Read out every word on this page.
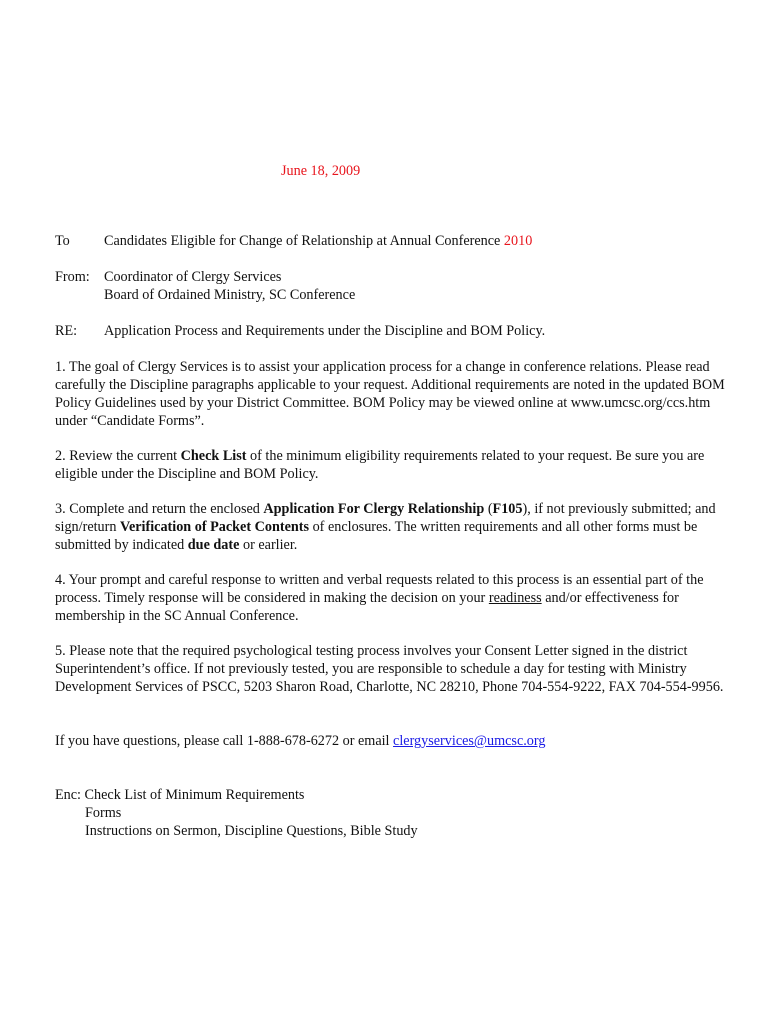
June 18, 2009
To Candidates Eligible for Change of Relationship at Annual Conference 2010
From: Coordinator of Clergy Services
Board of Ordained Ministry, SC Conference
RE: Application Process and Requirements under the Discipline and BOM Policy.

1. The goal of Clergy Services is to assist your application process for a change in conference relations. Please read carefully the Discipline paragraphs applicable to your request. Additional requirements are noted in the updated BOM Policy Guidelines used by your District Committee. BOM Policy may be viewed online at www.umcsc.org/ccs.htm under “Candidate Forms”.

2. Review the current Check List of the minimum eligibility requirements related to your request. Be sure you are eligible under the Discipline and BOM Policy.

3. Complete and return the enclosed Application For Clergy Relationship (F105), if not previously submitted; and sign/return Verification of Packet Contents of enclosures. The written requirements and all other forms must be submitted by indicated due date or earlier.

4. Your prompt and careful response to written and verbal requests related to this process is an essential part of the process. Timely response will be considered in making the decision on your readiness and/or effectiveness for membership in the SC Annual Conference.

5. Please note that the required psychological testing process involves your Consent Letter signed in the district Superintendent’s office. If not previously tested, you are responsible to schedule a day for testing with Ministry Development Services of PSCC, 5203 Sharon Road, Charlotte, NC 28210, Phone 704-554-9222, FAX 704-554-9956.

If you have questions, please call 1-888-678-6272 or email clergyservices@umcsc.org

Enc: Check List of Minimum Requirements
Forms
Instructions on Sermon, Discipline Questions, Bible Study
